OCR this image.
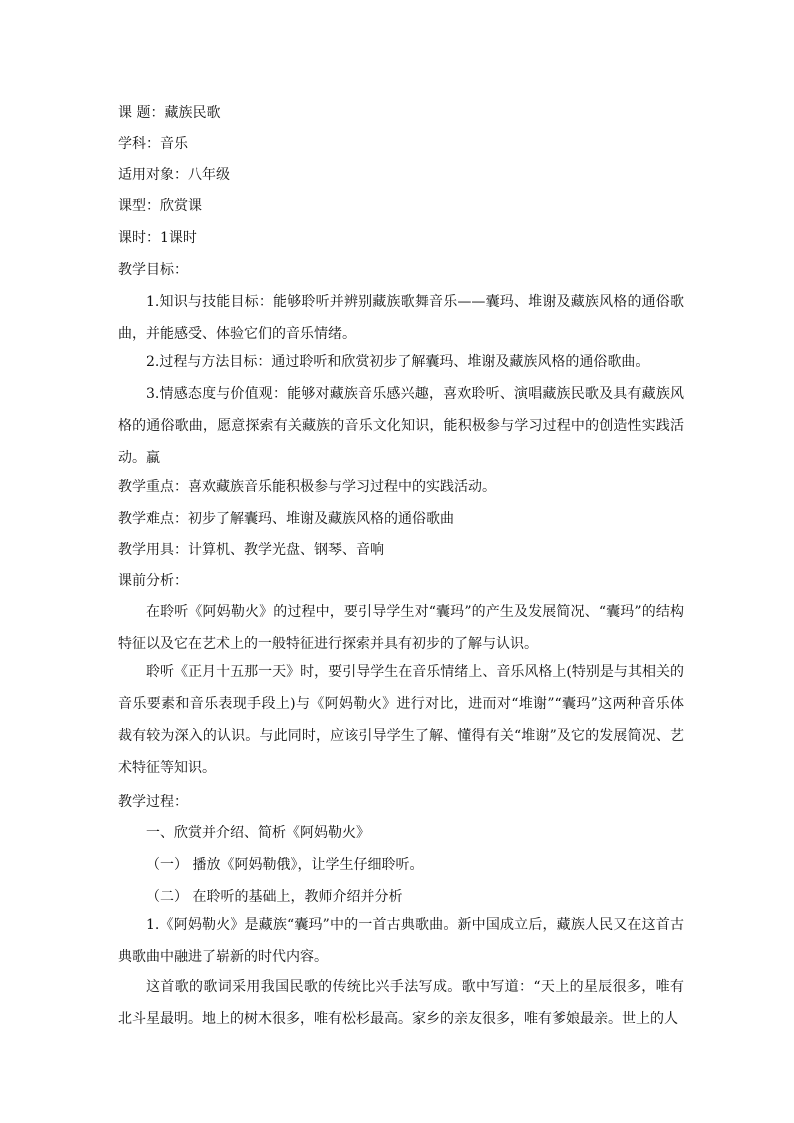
课 题：藏族民歌
学科：音乐
适用对象：八年级
课型：欣赏课
课时：1课时
教学目标：
1.知识与技能目标：能够聆听并辨别藏族歌舞音乐——囊玛、堆谢及藏族风格的通俗歌曲，并能感受、体验它们的音乐情绪。
2.过程与方法目标：通过聆听和欣赏初步了解囊玛、堆谢及藏族风格的通俗歌曲。
3.情感态度与价值观：能够对藏族音乐感兴趣，喜欢聆听、演唱藏族民歌及具有藏族风格的通俗歌曲，愿意探索有关藏族的音乐文化知识，能积极参与学习过程中的创造性实践活动。蠃
教学重点：喜欢藏族音乐能积极参与学习过程中的实践活动。
教学难点：初步了解囊玛、堆谢及藏族风格的通俗歌曲
教学用具：计算机、教学光盘、钢琴、音响
课前分析：
在聆听《阿妈勒火》的过程中，要引导学生对“囊玛”的产生及发展简况、“囊玛”的结构特征以及它在艺术上的一般特征进行探索并具有初步的了解与认识。
聆听《正月十五那一天》时，要引导学生在音乐情绪上、音乐风格上(特别是与其相关的音乐要素和音乐表现手段上)与《阿妈勒火》进行对比，进而对“堆谢”“囊玛”这两种音乐体裁有较为深入的认识。与此同时，应该引导学生了解、懂得有关“堆谢”及它的发展简况、艺术特征等知识。
教学过程：
一、欣赏并介绍、简析《阿妈勒火》
（一） 播放《阿妈勒俄》，让学生仔细聆听。
（二） 在聆听的基础上，教师介绍并分析
1.《阿妈勒火》是藏族“囊玛”中的一首古典歌曲。新中国成立后，藏族人民又在这首古典歌曲中融进了崭新的时代内容。
这首歌的歌词采用我国民歌的传统比兴手法写成。歌中写道：“天上的星辰很多，唯有北斗星最明。地上的树木很多，唯有松杉最高。家乡的亲友很多，唯有爹娘最亲。世上的人
